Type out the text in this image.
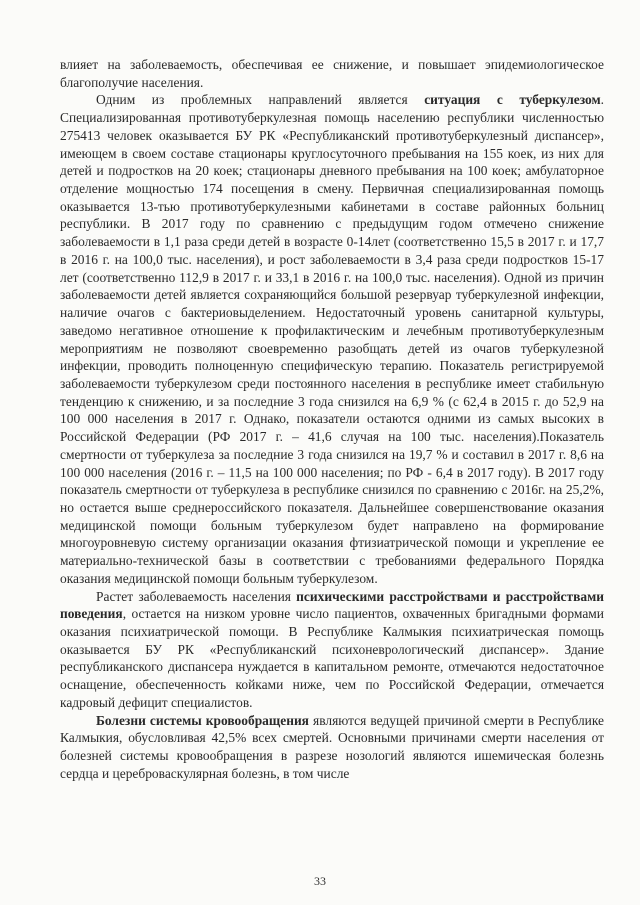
влияет на заболеваемость, обеспечивая ее снижение, и повышает эпидемиологическое благополучие населения.

Одним из проблемных направлений является ситуация с туберкулезом. Специализированная противотуберкулезная помощь населению республики численностью 275413 человек оказывается БУ РК «Республиканский противотуберкулезный диспансер», имеющем в своем составе стационары круглосуточного пребывания на 155 коек, из них для детей и подростков на 20 коек; стационары дневного пребывания на 100 коек; амбулаторное отделение мощностью 174 посещения в смену. Первичная специализированная помощь оказывается 13-тью противотуберкулезными кабинетами в составе районных больниц республики. В 2017 году по сравнению с предыдущим годом отмечено снижение заболеваемости в 1,1 раза среди детей в возрасте 0-14лет (соответственно 15,5 в 2017 г. и 17,7 в 2016 г. на 100,0 тыс. населения), и рост заболеваемости в 3,4 раза среди подростков 15-17 лет (соответственно 112,9 в 2017 г. и 33,1 в 2016 г. на 100,0 тыс. населения). Одной из причин заболеваемости детей является сохраняющийся большой резервуар туберкулезной инфекции, наличие очагов с бактериовыделением. Недостаточный уровень санитарной культуры, заведомо негативное отношение к профилактическим и лечебным противотуберкулезным мероприятиям не позволяют своевременно разобщать детей из очагов туберкулезной инфекции, проводить полноценную специфическую терапию. Показатель регистрируемой заболеваемости туберкулезом среди постоянного населения в республике имеет стабильную тенденцию к снижению, и за последние 3 года снизился на 6,9 % (с 62,4 в 2015 г. до 52,9 на 100 000 населения в 2017 г. Однако, показатели остаются одними из самых высоких в Российской Федерации (РФ 2017 г. – 41,6 случая на 100 тыс. населения).Показатель смертности от туберкулеза за последние 3 года снизился на 19,7 % и составил в 2017 г. 8,6 на 100 000 населения (2016 г. – 11,5 на 100 000 населения; по РФ - 6,4 в 2017 году). В 2017 году показатель смертности от туберкулеза в республике снизился по сравнению с 2016г. на 25,2%, но остается выше среднероссийского показателя. Дальнейшее совершенствование оказания медицинской помощи больным туберкулезом будет направлено на формирование многоуровневую систему организации оказания фтизиатрической помощи и укрепление ее материально-технической базы в соответствии с требованиями федерального Порядка оказания медицинской помощи больным туберкулезом.

Растет заболеваемость населения психическими расстройствами и расстройствами поведения, остается на низком уровне число пациентов, охваченных бригадными формами оказания психиатрической помощи. В Республике Калмыкия психиатрическая помощь оказывается БУ РК «Республиканский психоневрологический диспансер». Здание республиканского диспансера нуждается в капитальном ремонте, отмечаются недостаточное оснащение, обеспеченность койками ниже, чем по Российской Федерации, отмечается кадровый дефицит специалистов.

Болезни системы кровообращения являются ведущей причиной смерти в Республике Калмыкия, обусловливая 42,5% всех смертей. Основными причинами смерти населения от болезней системы кровообращения в разрезе нозологий являются ишемическая болезнь сердца и цереброваскулярная болезнь, в том числе

33
